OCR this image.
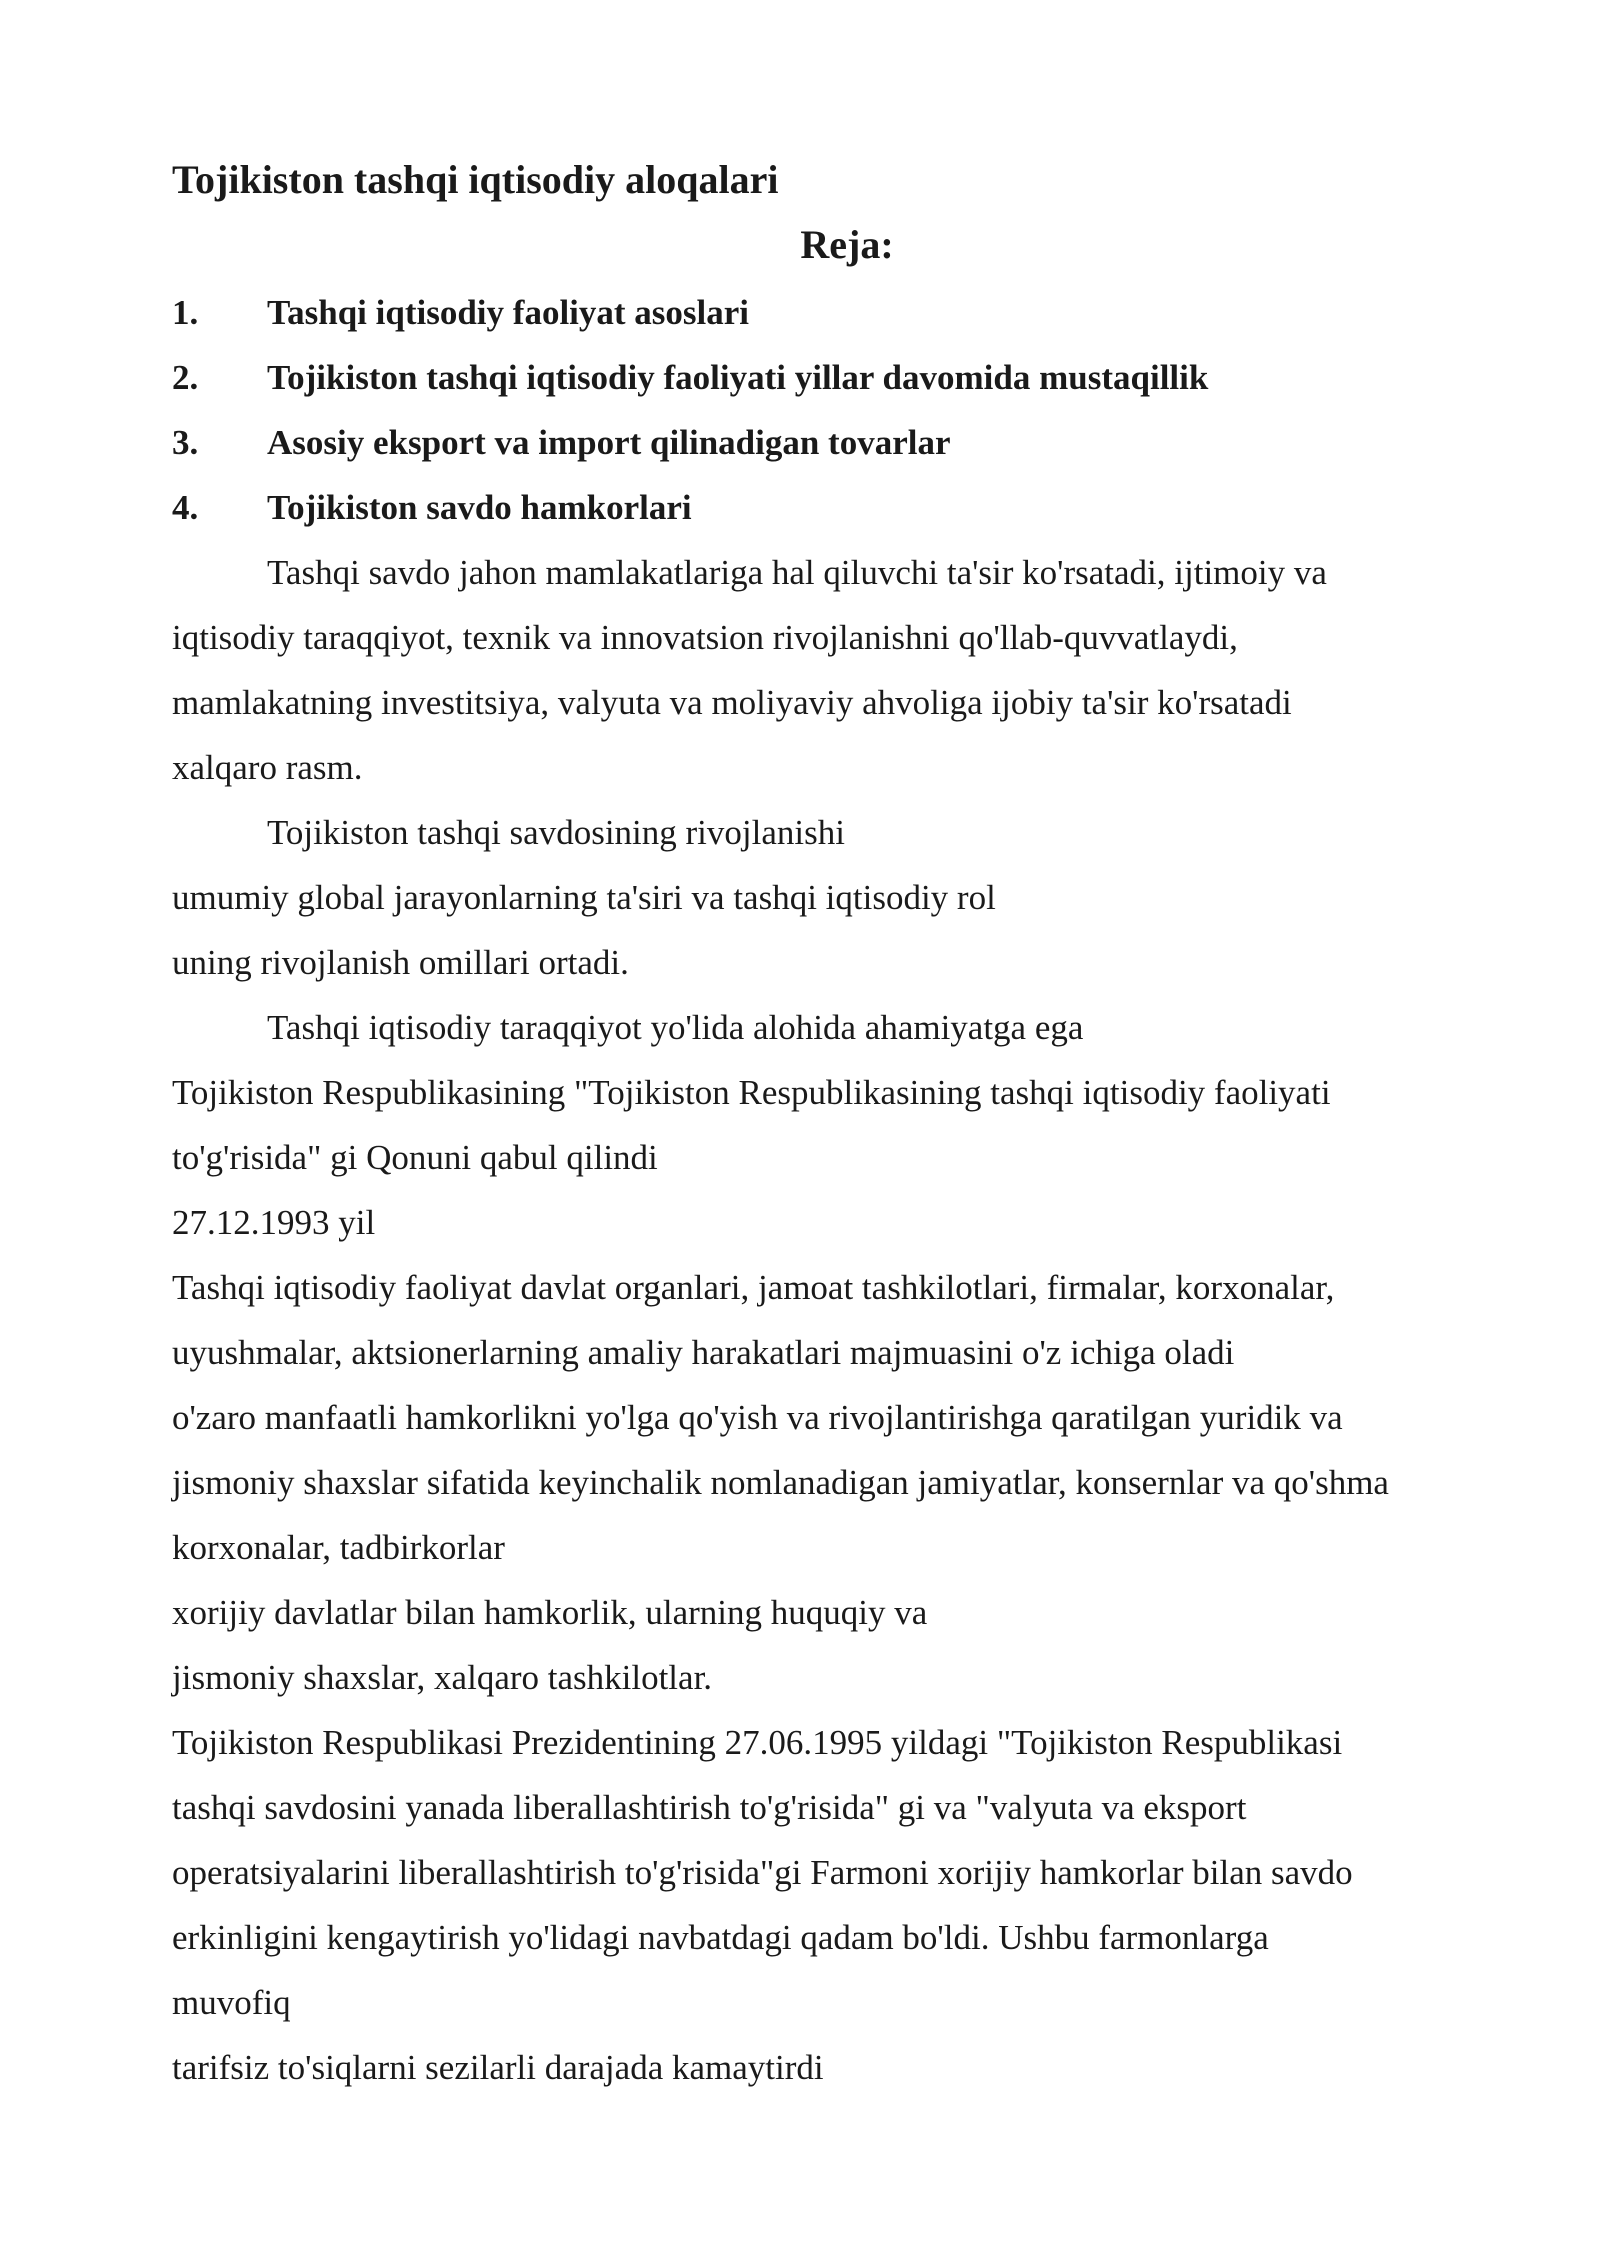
Tojikiston tashqi iqtisodiy aloqalari
Reja:
1.	Tashqi iqtisodiy faoliyat asoslari
2.	Tojikiston tashqi iqtisodiy faoliyati yillar davomida mustaqillik
3.	Asosiy eksport va import qilinadigan tovarlar
4.	Tojikiston savdo hamkorlari
Tashqi savdo jahon mamlakatlariga hal qiluvchi ta'sir ko'rsatadi, ijtimoiy va
iqtisodiy taraqqiyot, texnik va innovatsion rivojlanishni qo'llab-quvvatlaydi,
mamlakatning investitsiya, valyuta va moliyaviy ahvoliga ijobiy ta'sir ko'rsatadi
xalqaro rasm.
Tojikiston tashqi savdosining rivojlanishi
umumiy global jarayonlarning ta'siri va tashqi iqtisodiy rol
uning rivojlanish omillari ortadi.
Tashqi iqtisodiy taraqqiyot yo'lida alohida ahamiyatga ega
Tojikiston Respublikasining "Tojikiston Respublikasining tashqi iqtisodiy faoliyati
to'g'risida" gi Qonuni qabul qilindi
27.12.1993 yil
Tashqi iqtisodiy faoliyat davlat organlari, jamoat tashkilotlari, firmalar, korxonalar,
uyushmalar, aktsionerlarning amaliy harakatlari majmuasini o'z ichiga oladi
o'zaro manfaatli hamkorlikni yo'lga qo'yish va rivojlantirishga qaratilgan yuridik va
jismoniy shaxslar sifatida keyinchalik nomlanadigan jamiyatlar, konsernlar va qo'shma
korxonalar, tadbirkorlar
xorijiy davlatlar bilan hamkorlik, ularning huquqiy va
jismoniy shaxslar, xalqaro tashkilotlar.
Tojikiston Respublikasi Prezidentining 27.06.1995 yildagi "Tojikiston Respublikasi
tashqi savdosini yanada liberallashtirish to'g'risida" gi va "valyuta va eksport
operatsiyalarini liberallashtirish to'g'risida"gi Farmoni xorijiy hamkorlar bilan savdo
erkinligini kengaytirish yo'lidagi navbatdagi qadam bo'ldi. Ushbu farmonlarga
muvofiq
tarifsiz to'siqlarni sezilarli darajada kamaytirdi
